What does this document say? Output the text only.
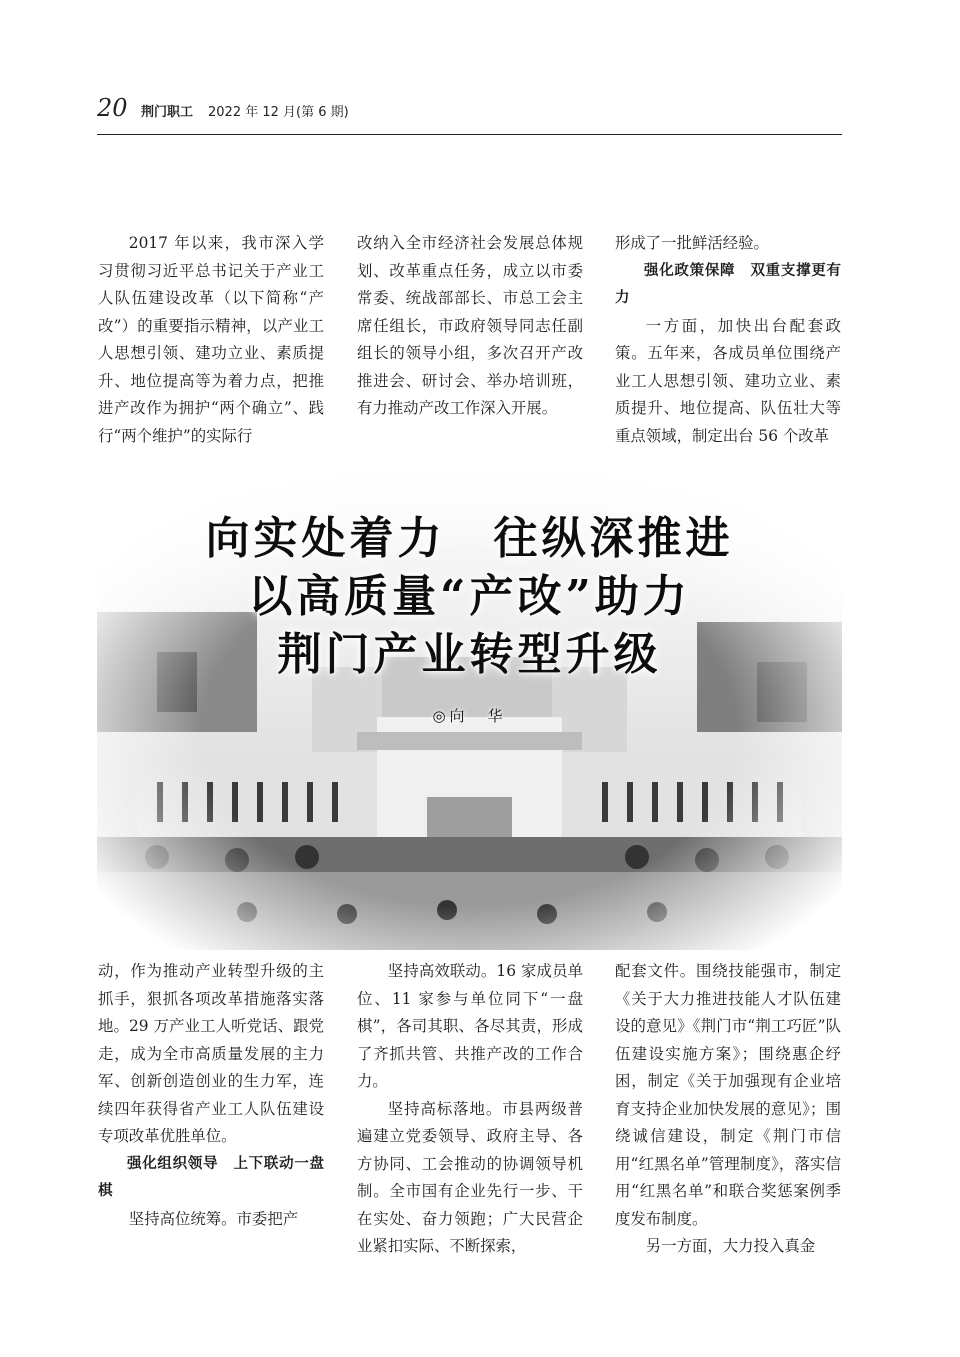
20 荆门职工 2022 年 12 月(第 6 期)

2017 年以来，我市深入学习贯彻习近平总书记关于产业工人队伍建设改革（以下简称“产改”）的重要指示精神，以产业工人思想引领、建功立业、素质提升、地位提高等为着力点，把推进产改作为拥护“两个确立”、践行“两个维护”的实际行

改纳入全市经济社会发展总体规划、改革重点任务，成立以市委常委、统战部部长、市总工会主席任组长，市政府领导同志任副组长的领导小组，多次召开产改推进会、研讨会、举办培训班，有力推动产改工作深入开展。

形成了一批鲜活经验。

强化政策保障　双重支撑更有力

一方面，加快出台配套政策。五年来，各成员单位围绕产业工人思想引领、建功立业、素质提升、地位提高、队伍壮大等重点领域，制定出台 56 个改革

向实处着力　往纵深推进
以高质量“产改”助力
荆门产业转型升级
◎向　华

动，作为推动产业转型升级的主抓手，狠抓各项改革措施落实落地。29 万产业工人听党话、跟党走，成为全市高质量发展的主力军、创新创造创业的生力军，连续四年获得省产业工人队伍建设专项改革优胜单位。

强化组织领导　上下联动一盘棋

坚持高位统筹。市委把产

坚持高效联动。16 家成员单位、11 家参与单位同下“一盘棋”，各司其职、各尽其责，形成了齐抓共管、共推产改的工作合力。

坚持高标落地。市县两级普遍建立党委领导、政府主导、各方协同、工会推动的协调领导机制。全市国有企业先行一步、干在实处、奋力领跑；广大民营企业紧扣实际、不断探索，

配套文件。围绕技能强市，制定《关于大力推进技能人才队伍建设的意见》《荆门市“荆工巧匠”队伍建设实施方案》；围绕惠企纾困，制定《关于加强现有企业培育支持企业加快发展的意见》；围绕诚信建设，制定《荆门市信用“红黑名单”管理制度》，落实信用“红黑名单”和联合奖惩案例季度发布制度。

另一方面，大力投入真金
